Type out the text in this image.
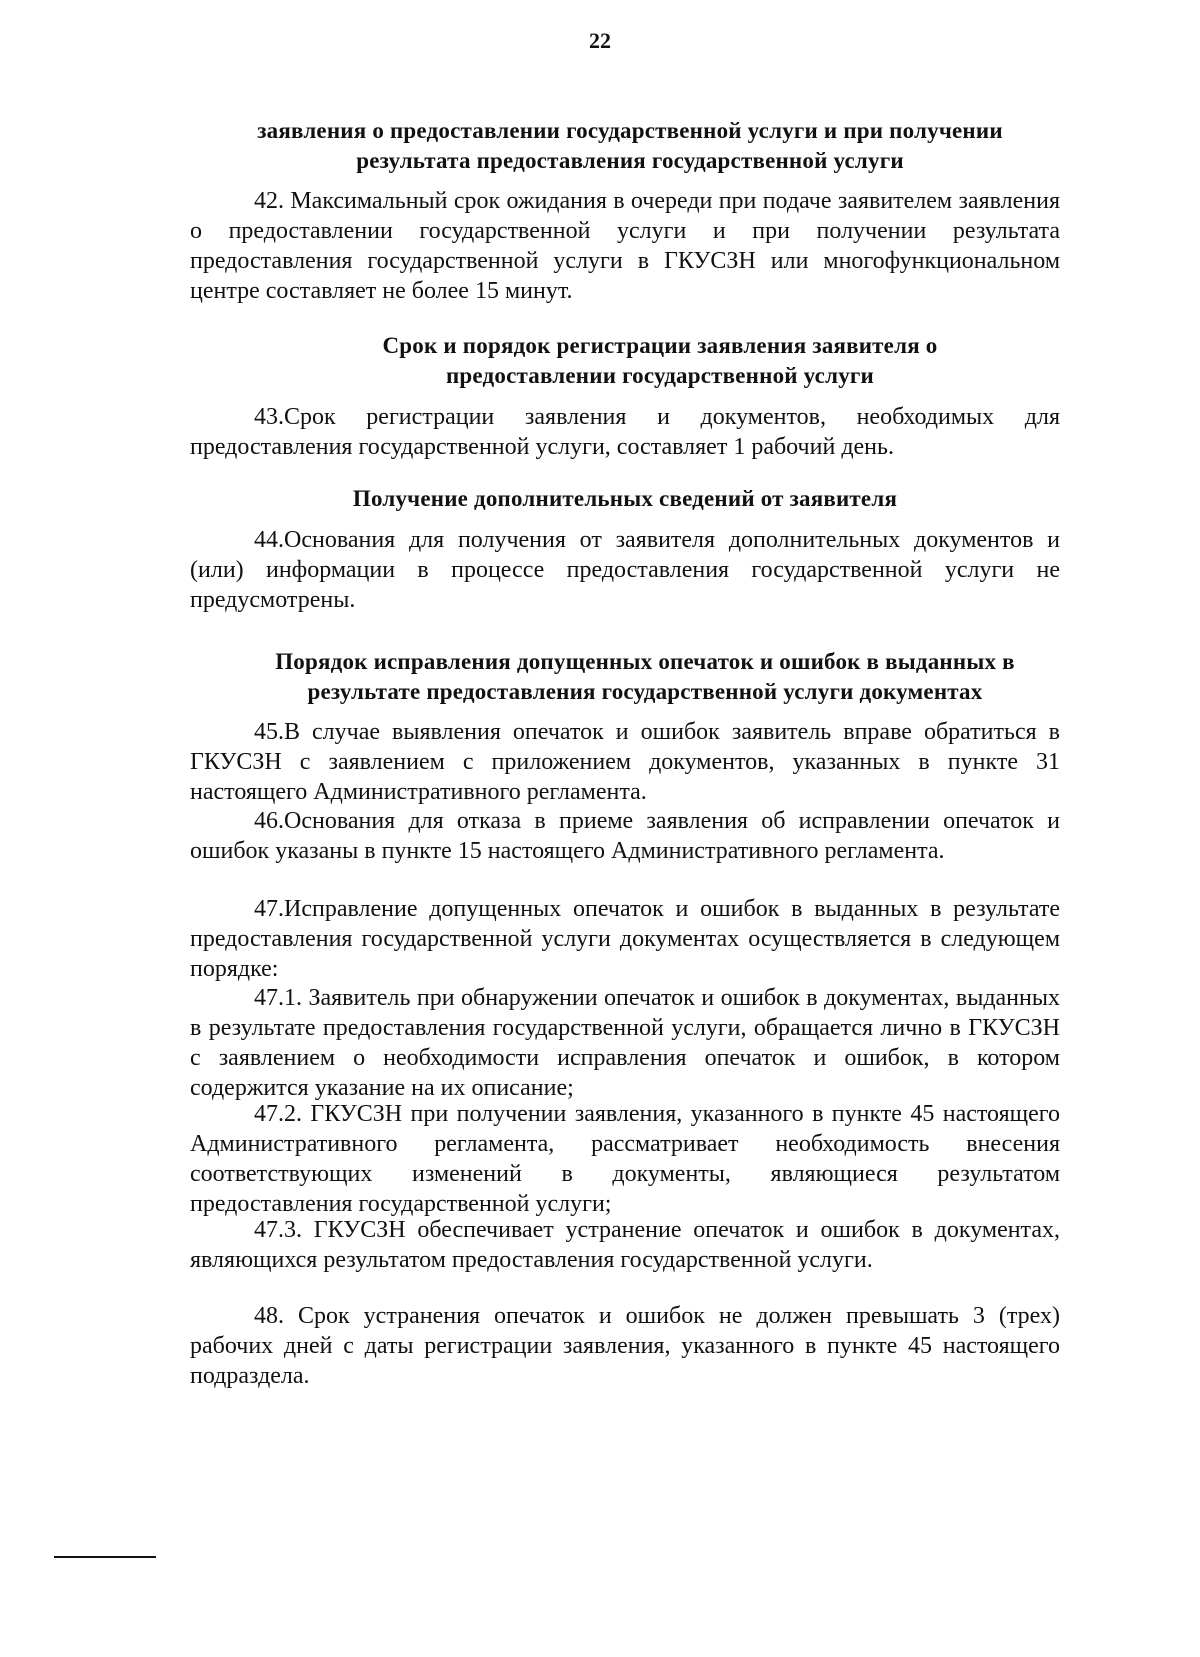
22

заявления о предоставлении государственной услуги и при получении результата предоставления государственной услуги

42. Максимальный срок ожидания в очереди при подаче заявителем заявления о предоставлении государственной услуги и при получении результата предоставления государственной услуги в ГКУСЗН или многофункциональном центре составляет не более 15 минут.

Срок и порядок регистрации заявления заявителя о предоставлении государственной услуги

43.Срок регистрации заявления и документов, необходимых для предоставления государственной услуги, составляет 1 рабочий день.

Получение дополнительных сведений от заявителя

44.Основания для получения от заявителя дополнительных документов и (или) информации в процессе предоставления государственной услуги не предусмотрены.

Порядок исправления допущенных опечаток и ошибок в выданных в результате предоставления государственной услуги документах

45.В случае выявления опечаток и ошибок заявитель вправе обратиться в ГКУСЗН с заявлением с приложением документов, указанных в пункте 31 настоящего Административного регламента.

46.Основания для отказа в приеме заявления об исправлении опечаток и ошибок указаны в пункте 15 настоящего Административного регламента.

47.Исправление допущенных опечаток и ошибок в выданных в результате предоставления государственной услуги документах осуществляется в следующем порядке:

47.1. Заявитель при обнаружении опечаток и ошибок в документах, выданных в результате предоставления государственной услуги, обращается лично в ГКУСЗН с заявлением о необходимости исправления опечаток и ошибок, в котором содержится указание на их описание;

47.2. ГКУСЗН при получении заявления, указанного в пункте 45 настоящего Административного регламента, рассматривает необходимость внесения соответствующих изменений в документы, являющиеся результатом предоставления государственной услуги;

47.3. ГКУСЗН обеспечивает устранение опечаток и ошибок в документах, являющихся результатом предоставления государственной услуги.

48. Срок устранения опечаток и ошибок не должен превышать 3 (трех) рабочих дней с даты регистрации заявления, указанного в пункте 45 настоящего подраздела.
